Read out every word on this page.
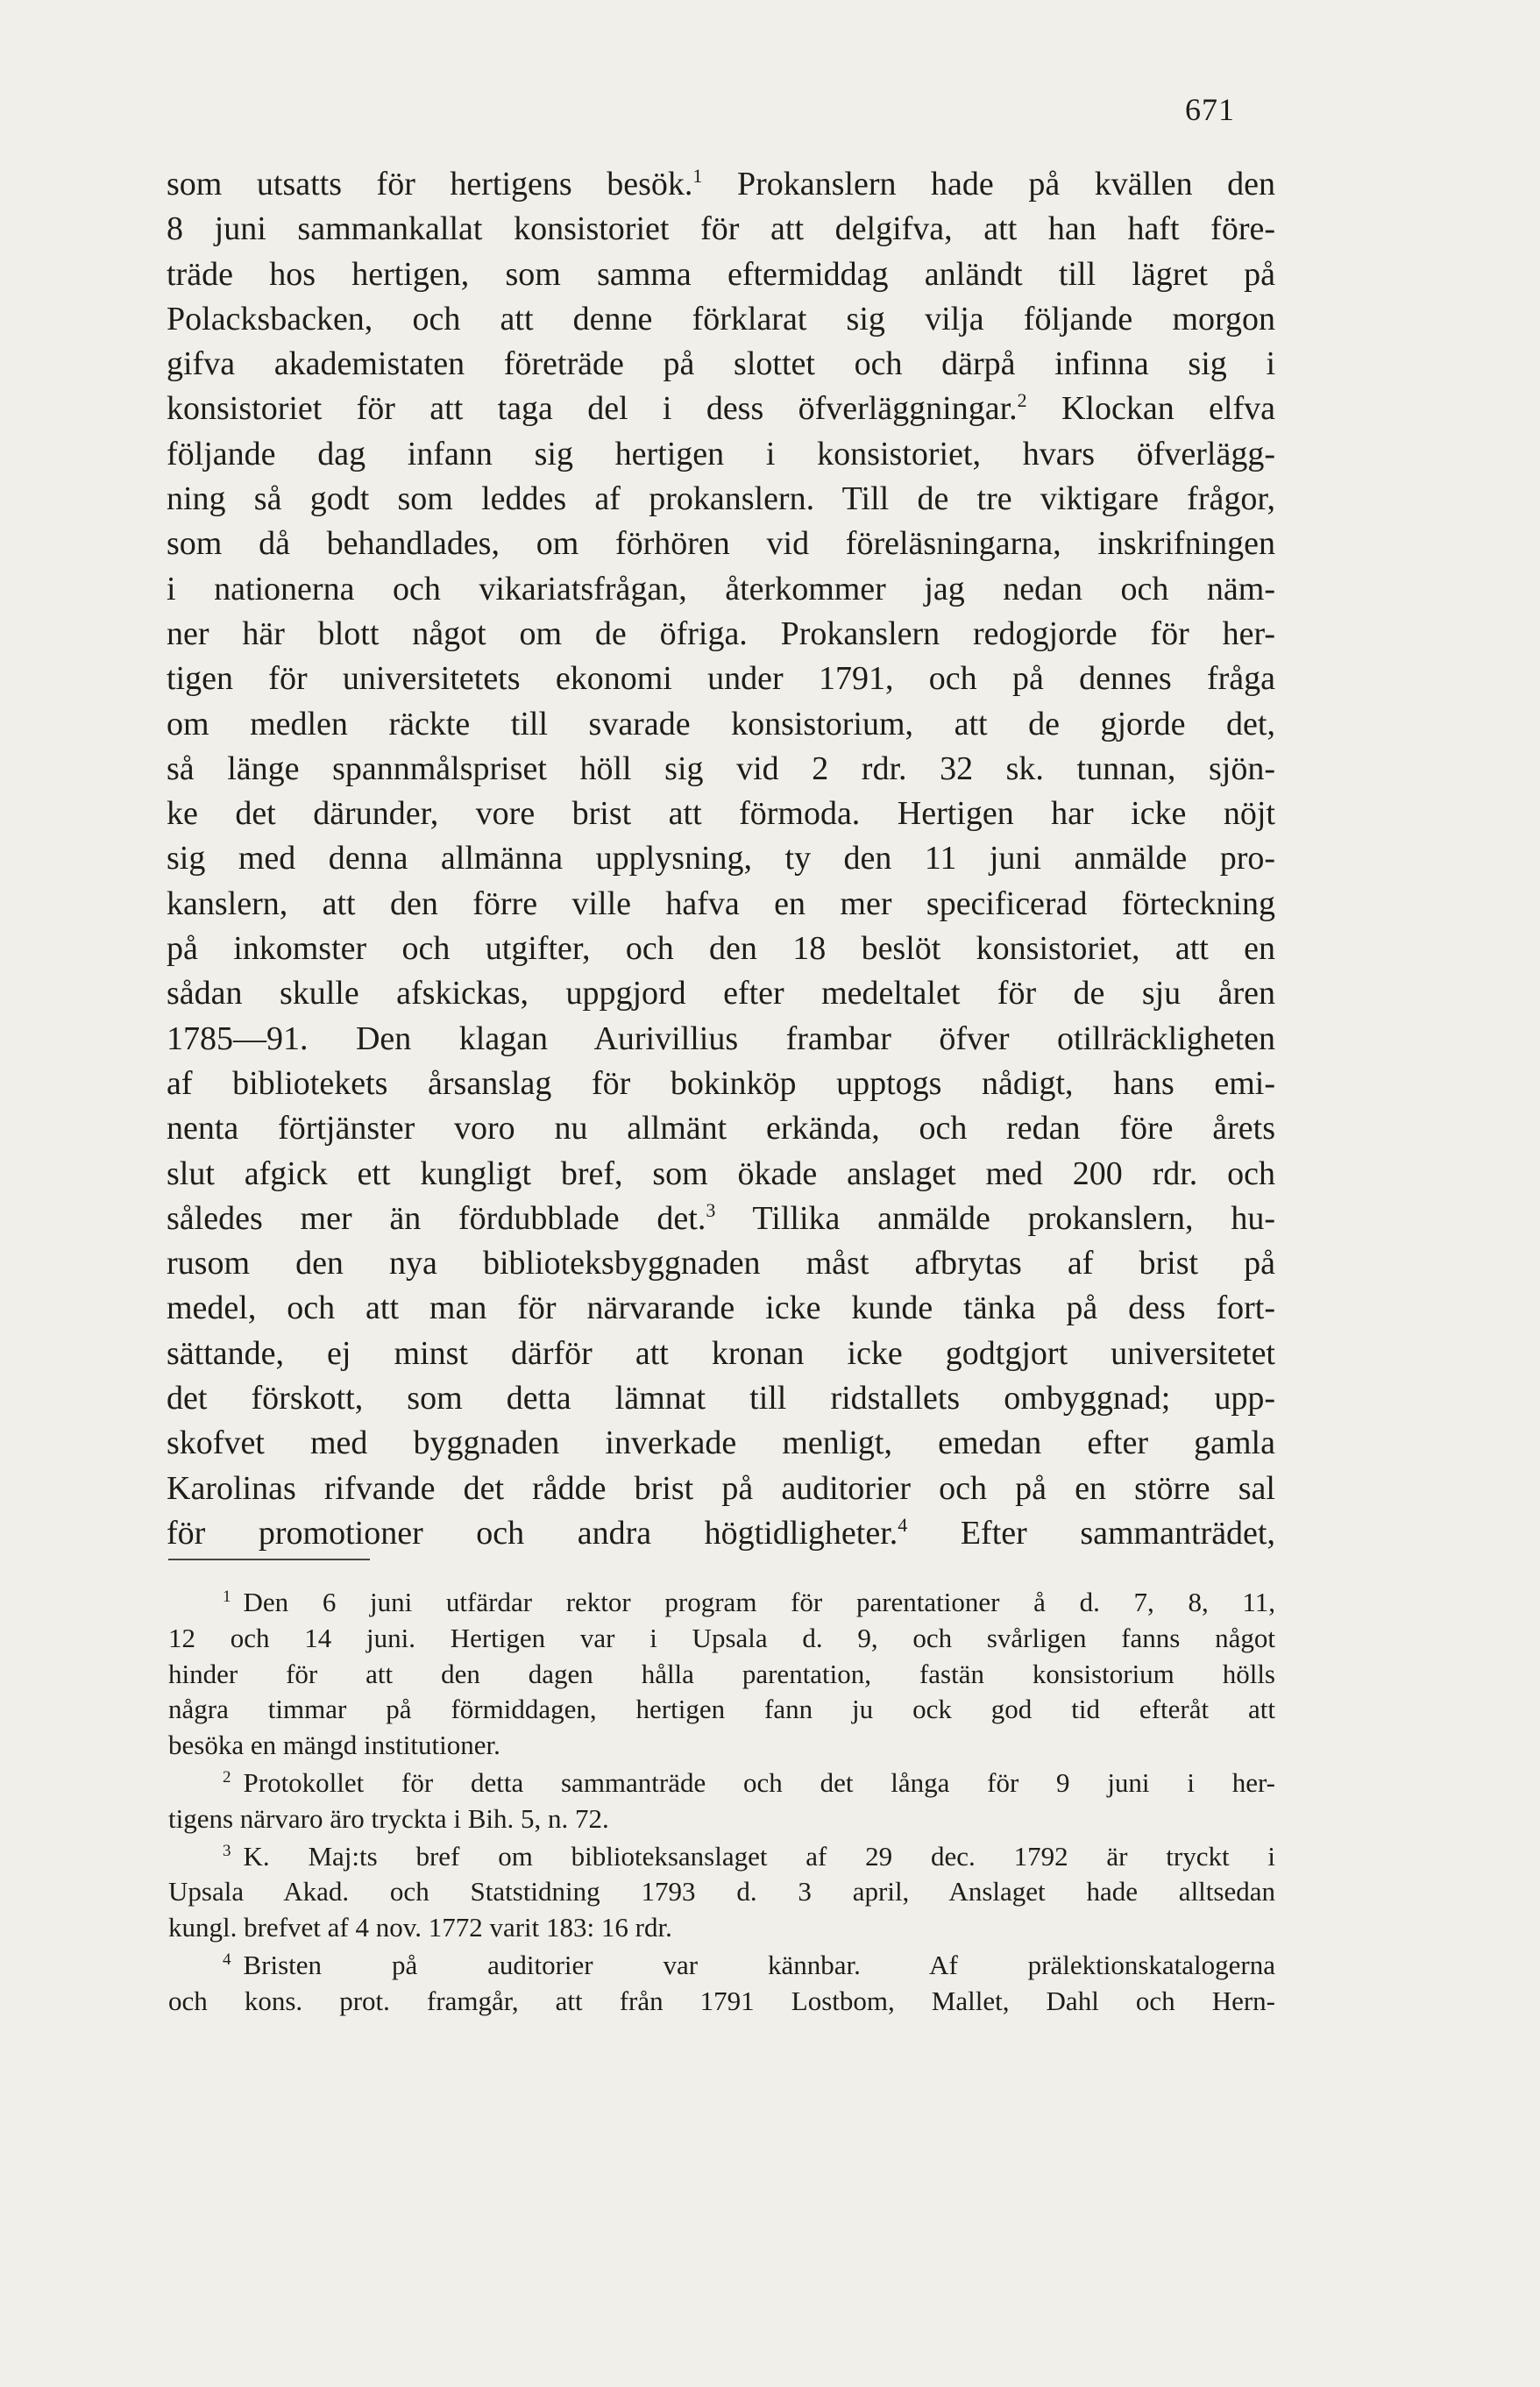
671
som utsatts för hertigens besök.$^1$ Prokanslern hade på kvällen den
8 juni sammankallat konsistoriet för att delgifva, att han haft före-
träde hos hertigen, som samma eftermiddag anländt till lägret på
Polacksbacken, och att denne förklarat sig vilja följande morgon
gifva akademistaten företräde på slottet och därpå infinna sig i
konsistoriet för att taga del i dess öfverläggningar.$^2$ Klockan elfva
följande dag infann sig hertigen i konsistoriet, hvars öfverlägg-
ning så godt som leddes af prokanslern. Till de tre viktigare frågor,
som då behandlades, om förhören vid föreläsningarna, inskrifningen
i nationerna och vikariatsfrågan, återkommer jag nedan och näm-
ner här blott något om de öfriga. Prokanslern redogjorde för her-
tigen för universitetets ekonomi under 1791, och på dennes fråga
om medlen räckte till svarade konsistorium, att de gjorde det,
så länge spannmålspriset höll sig vid 2 rdr. 32 sk. tunnan, sjön-
ke det därunder, vore brist att förmoda. Hertigen har icke nöjt
sig med denna allmänna upplysning, ty den 11 juni anmälde pro-
kanslern, att den förre ville hafva en mer specificerad förteckning
på inkomster och utgifter, och den 18 beslöt konsistoriet, att en
sådan skulle afskickas, uppgjord efter medeltalet för de sju åren
1785—91. Den klagan Aurivillius frambar öfver otillräckligheten
af bibliotekets årsanslag för bokinköp upptogs nådigt, hans emi-
nenta förtjänster voro nu allmänt erkända, och redan före årets
slut afgick ett kungligt bref, som ökade anslaget med 200 rdr. och
således mer än fördubblade det.$^3$ Tillika anmälde prokanslern, hu-
rusom den nya biblioteksbyggnaden måst afbrytas af brist på
medel, och att man för närvarande icke kunde tänka på dess fort-
sättande, ej minst därför att kronan icke godtgjort universitetet
det förskott, som detta lämnat till ridstallets ombyggnad; upp-
skofvet med byggnaden inverkade menligt, emedan efter gamla
Karolinas rifvande det rådde brist på auditorier och på en större sal
för promotioner och andra högtidligheter.$^4$ Efter sammanträdet,
$^1$ Den 6 juni utfärdar rektor program för parentationer å d. 7, 8, 11,
12 och 14 juni. Hertigen var i Upsala d. 9, och svårligen fanns något
hinder för att den dagen hålla parentation, fastän konsistorium hölls
några timmar på förmiddagen, hertigen fann ju ock god tid efteråt att
besöka en mängd institutioner.
$^2$ Protokollet för detta sammanträde och det långa för 9 juni i her-
tigens närvaro äro tryckta i Bih. 5, n. 72.
$^3$ K. Maj:ts bref om biblioteksanslaget af 29 dec. 1792 är tryckt i
Upsala Akad. och Statstidning 1793 d. 3 april, Anslaget hade alltsedan
kungl. brefvet af 4 nov. 1772 varit 183: 16 rdr.
$^4$ Bristen på auditorier var kännbar. Af prälektionskatalogerna
och kons. prot. framgår, att från 1791 Lostbom, Mallet, Dahl och Hern-
